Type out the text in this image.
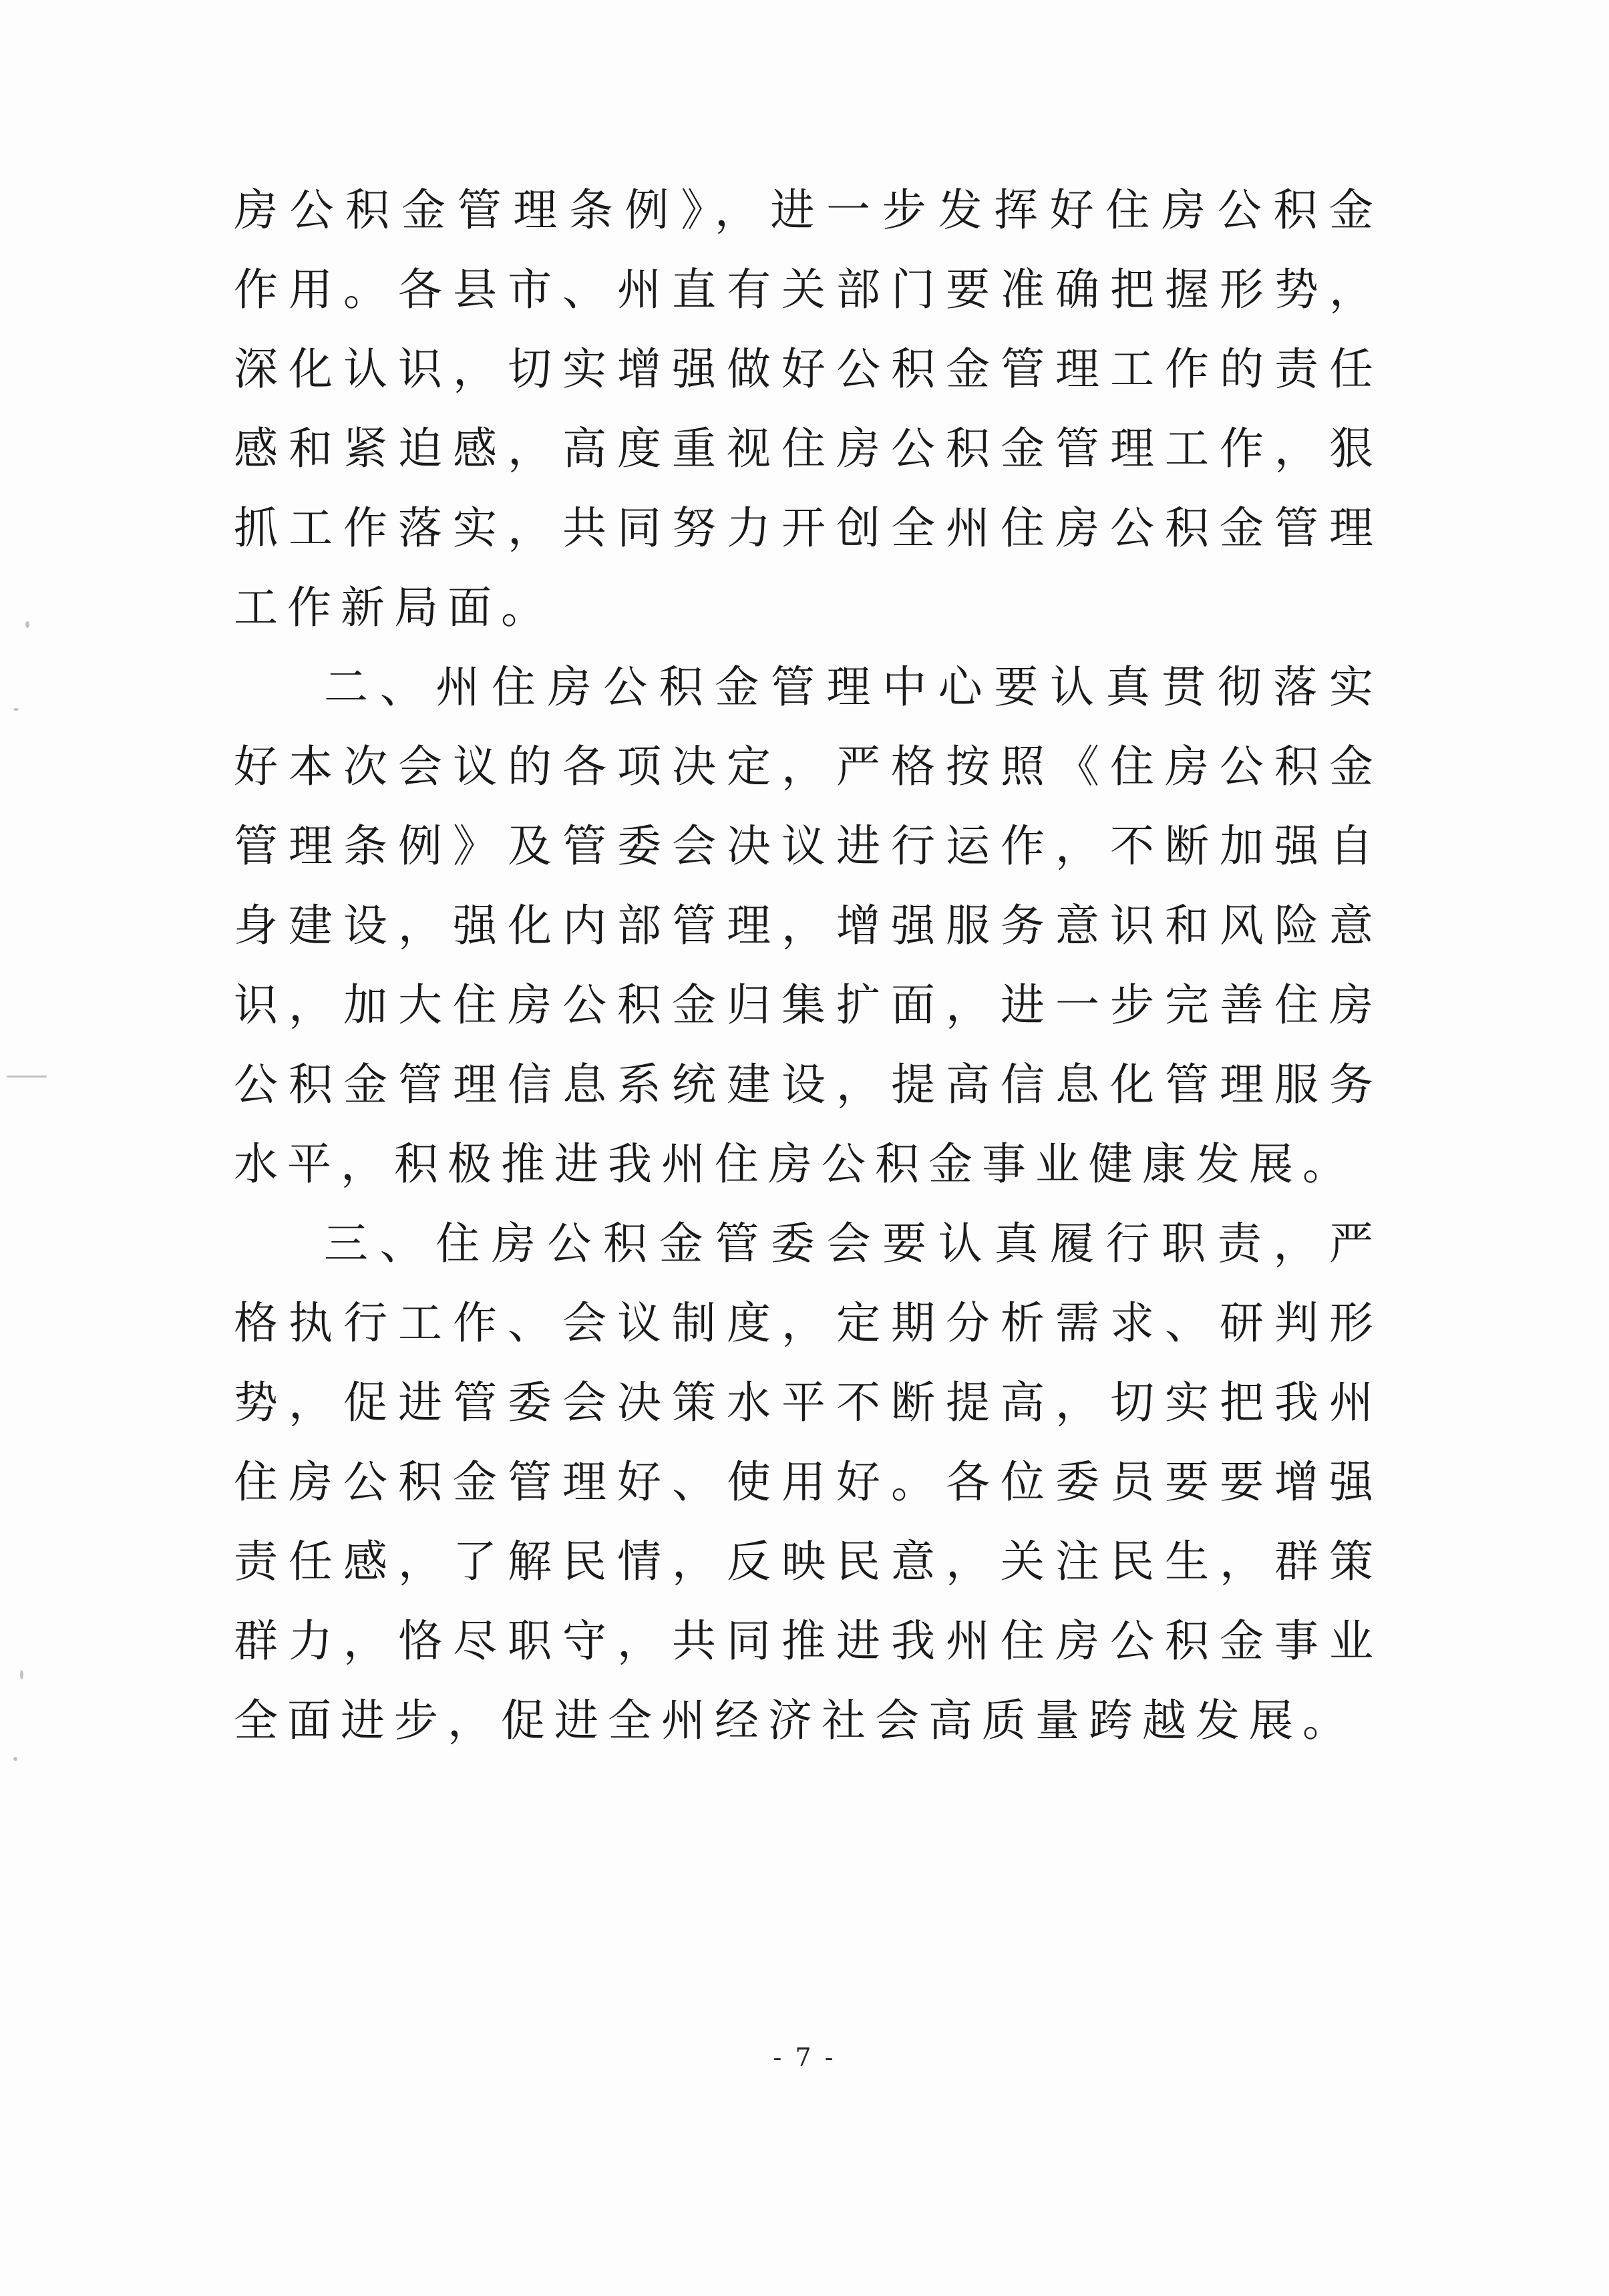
房公积金管理条例》，进一步发挥好住房公积金作用。各县市、州直有关部门要准确把握形势，深化认识，切实增强做好公积金管理工作的责任感和紧迫感，高度重视住房公积金管理工作，狠抓工作落实，共同努力开创全州住房公积金管理工作新局面。

二、州住房公积金管理中心要认真贯彻落实好本次会议的各项决定，严格按照《住房公积金管理条例》及管委会决议进行运作，不断加强自身建设，强化内部管理，增强服务意识和风险意识，加大住房公积金归集扩面，进一步完善住房公积金管理信息系统建设，提高信息化管理服务水平，积极推进我州住房公积金事业健康发展。

三、住房公积金管委会要认真履行职责，严格执行工作、会议制度，定期分析需求、研判形势，促进管委会决策水平不断提高，切实把我州住房公积金管理好、使用好。各位委员要要增强责任感，了解民情，反映民意，关注民生，群策群力，恪尽职守，共同推进我州住房公积金事业全面进步，促进全州经济社会高质量跨越发展。

- 7 -
